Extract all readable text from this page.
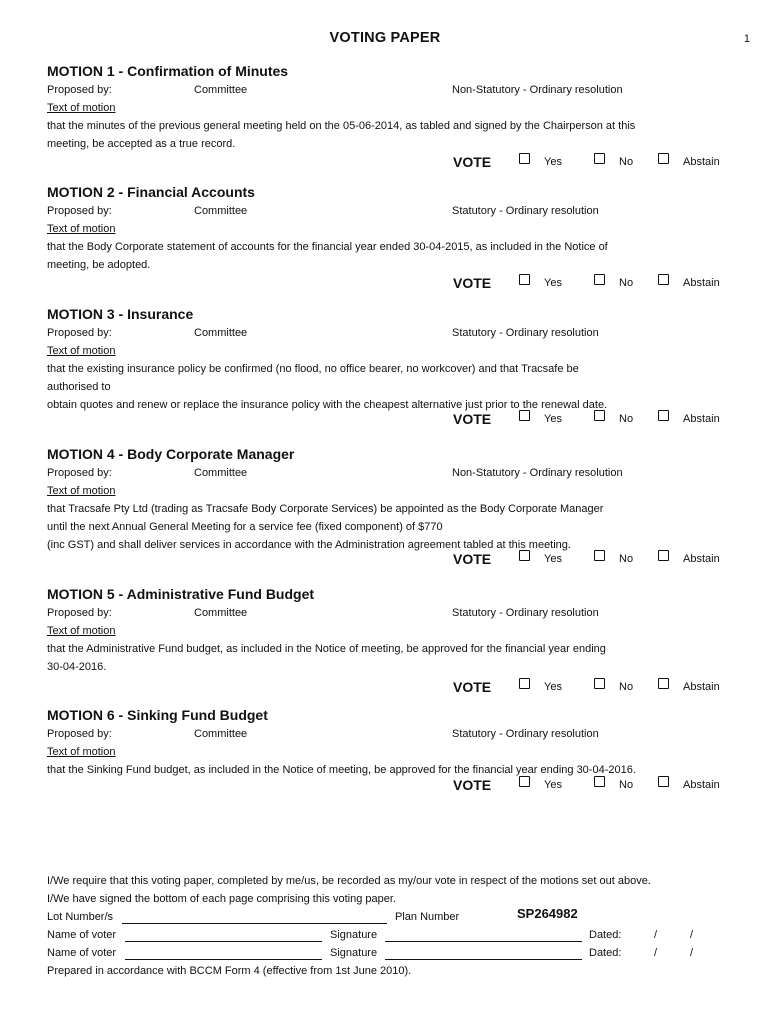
VOTING PAPER	1
MOTION 1 - Confirmation of Minutes
Proposed by:	Committee	Non-Statutory - Ordinary resolution
Text of motion
that the minutes of the previous general meeting held on the 05-06-2014, as tabled and signed by the Chairperson at this
meeting, be accepted as a true record.
VOTE	Yes	No	Abstain
MOTION 2 - Financial Accounts
Proposed by:	Committee	Statutory - Ordinary resolution
Text of motion
that the Body Corporate statement of accounts for the financial year ended 30-04-2015, as included in the Notice of
meeting, be adopted.
VOTE	Yes	No	Abstain
MOTION 3 - Insurance
Proposed by:	Committee	Statutory - Ordinary resolution
Text of motion
that the existing insurance policy be confirmed (no flood, no office bearer, no workcover) and that Tracsafe be
authorised to
obtain quotes and renew or replace the insurance policy with the cheapest alternative just prior to the renewal date.
VOTE	Yes	No	Abstain
MOTION 4 - Body Corporate Manager
Proposed by:	Committee	Non-Statutory - Ordinary resolution
Text of motion
that Tracsafe Pty Ltd (trading as Tracsafe Body Corporate Services) be appointed as the Body Corporate Manager
until the next Annual General Meeting for a service fee (fixed component) of $770
(inc GST) and shall deliver services in accordance with the Administration agreement tabled at this meeting.
VOTE	Yes	No	Abstain
MOTION 5 - Administrative Fund Budget
Proposed by:	Committee	Statutory - Ordinary resolution
Text of motion
that the Administrative Fund budget, as included in the Notice of meeting, be approved for the financial year ending
30-04-2016.
VOTE	Yes	No	Abstain
MOTION 6 - Sinking Fund Budget
Proposed by:	Committee	Statutory - Ordinary resolution
Text of motion
that the Sinking Fund budget, as included in the Notice of meeting, be approved for the financial year ending 30-04-2016.
VOTE	Yes	No	Abstain
I/We require that this voting paper, completed by me/us, be recorded as my/our vote in respect of the motions set out above.
I/We have signed the bottom of each page comprising this voting paper.
Lot Number/s	Plan Number	SP264982
Name of voter	Signature	Dated:	/	/
Name of voter	Signature	Dated:	/	/
Prepared in accordance with BCCM Form 4 (effective from 1st June 2010).
